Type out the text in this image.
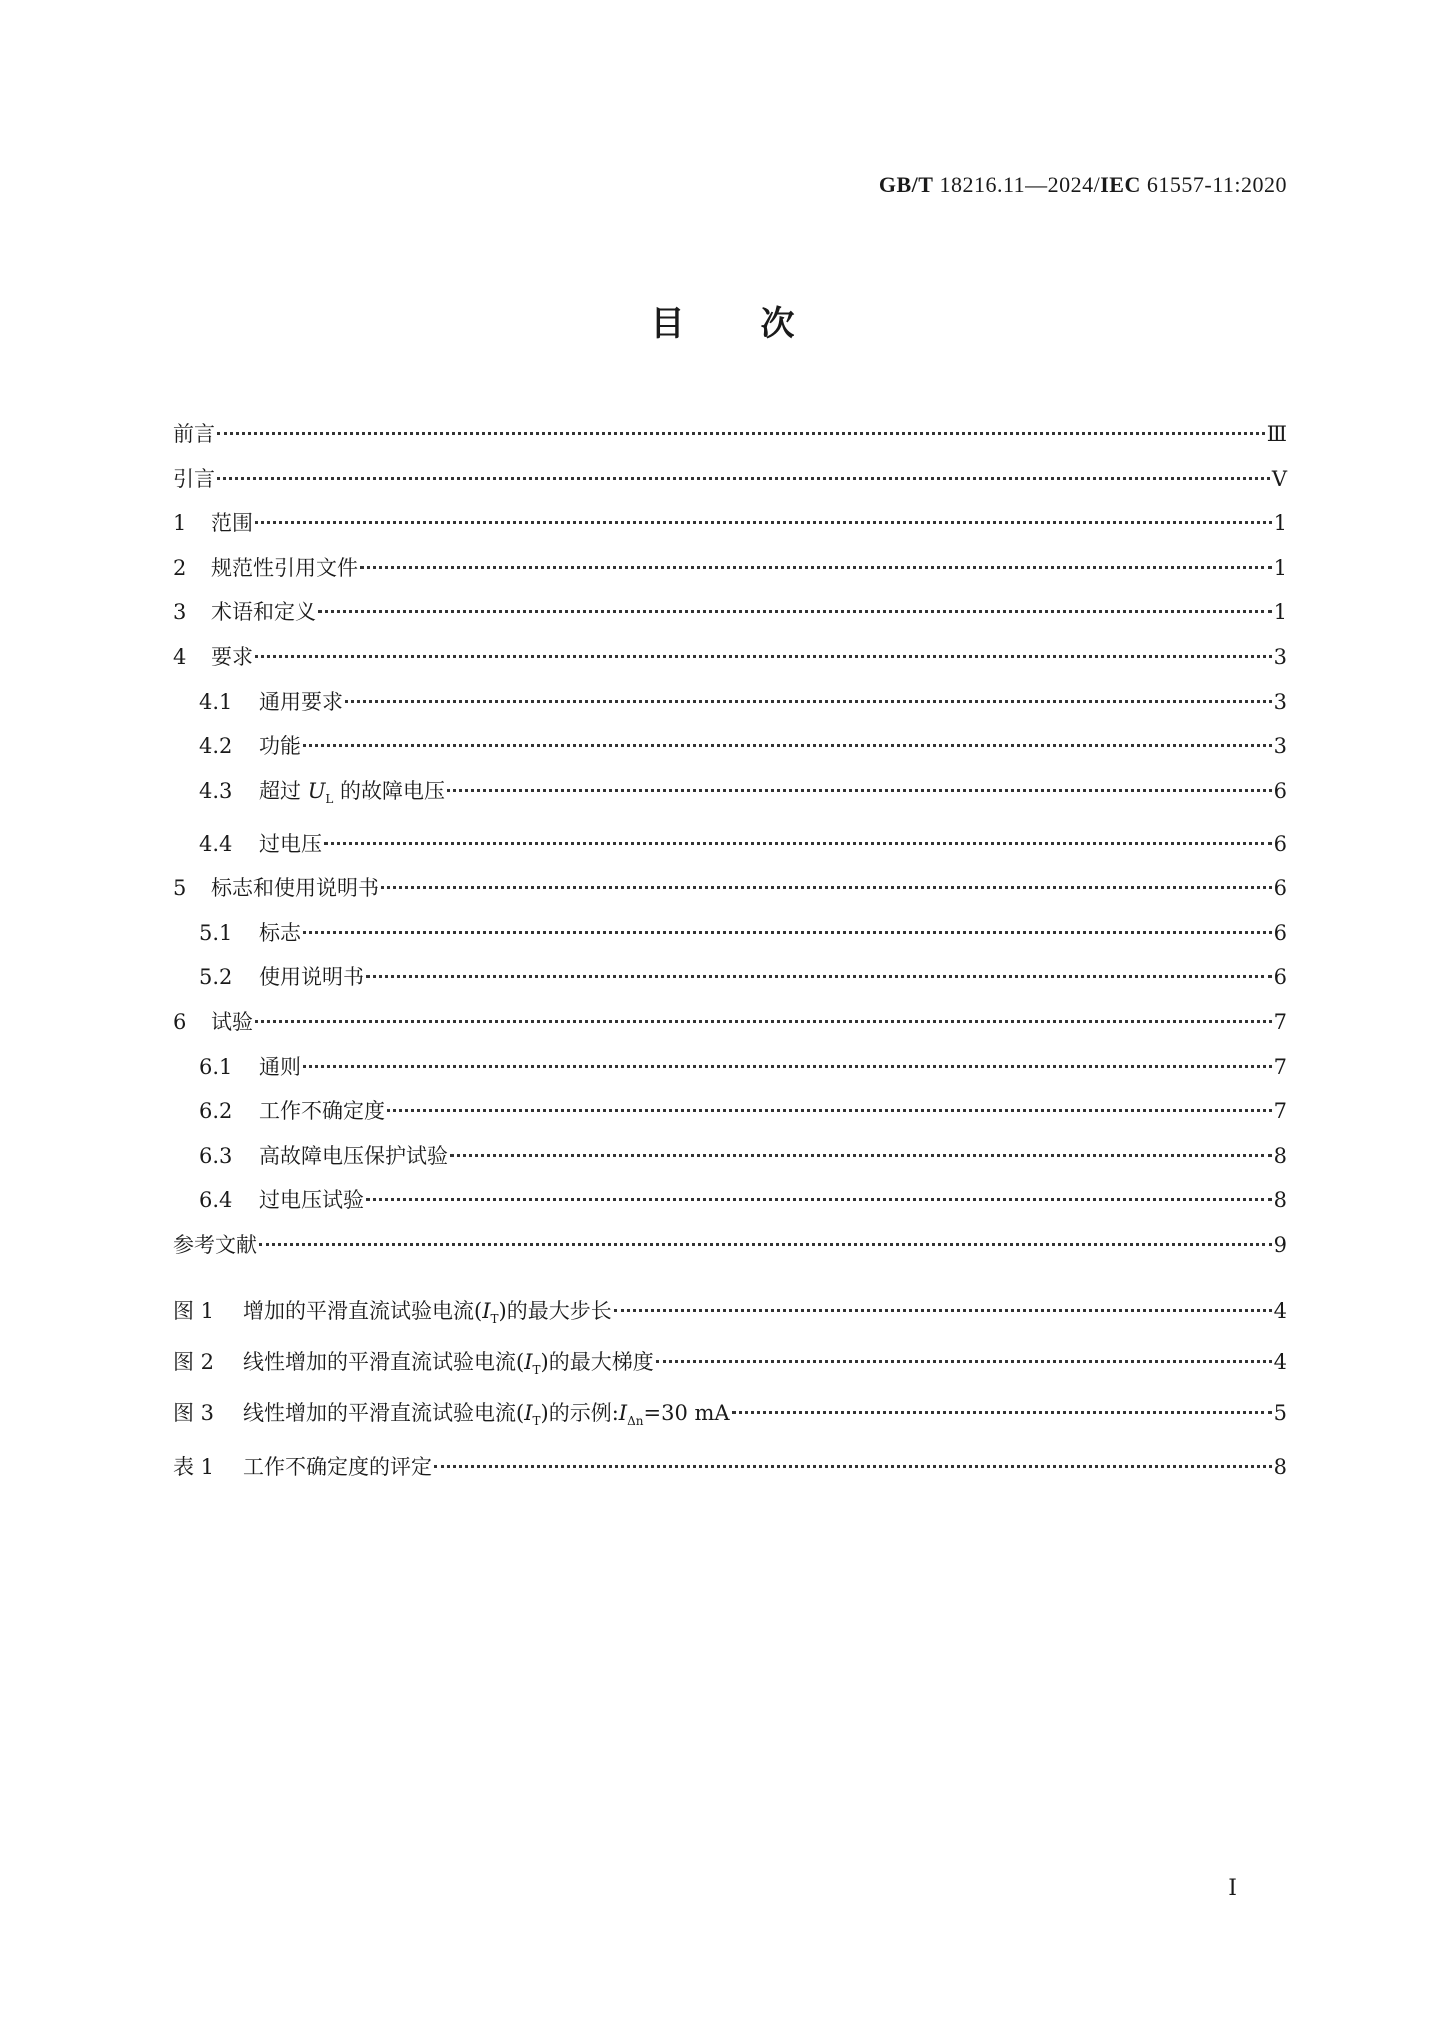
GB/T 18216.11—2024/IEC 61557-11:2020
目次
前言	Ⅲ
引言	Ⅴ
1	范围	1
2	规范性引用文件	1
3	术语和定义	1
4	要求	3
4.1	通用要求	3
4.2	功能	3
4.3	超过 $U_L$ 的故障电压	6
4.4	过电压	6
5	标志和使用说明书	6
5.1	标志	6
5.2	使用说明书	6
6	试验	7
6.1	通则	7
6.2	工作不确定度	7
6.3	高故障电压保护试验	8
6.4	过电压试验	8
参考文献	9
图 1	增加的平滑直流试验电流$(I_T)$的最大步长	4
图 2	线性增加的平滑直流试验电流$(I_T)$的最大梯度	4
图 3	线性增加的平滑直流试验电流$(I_T)$的示例$:I_{\Delta n}=30$ mA	5
表 1	工作不确定度的评定	8
Ⅰ
